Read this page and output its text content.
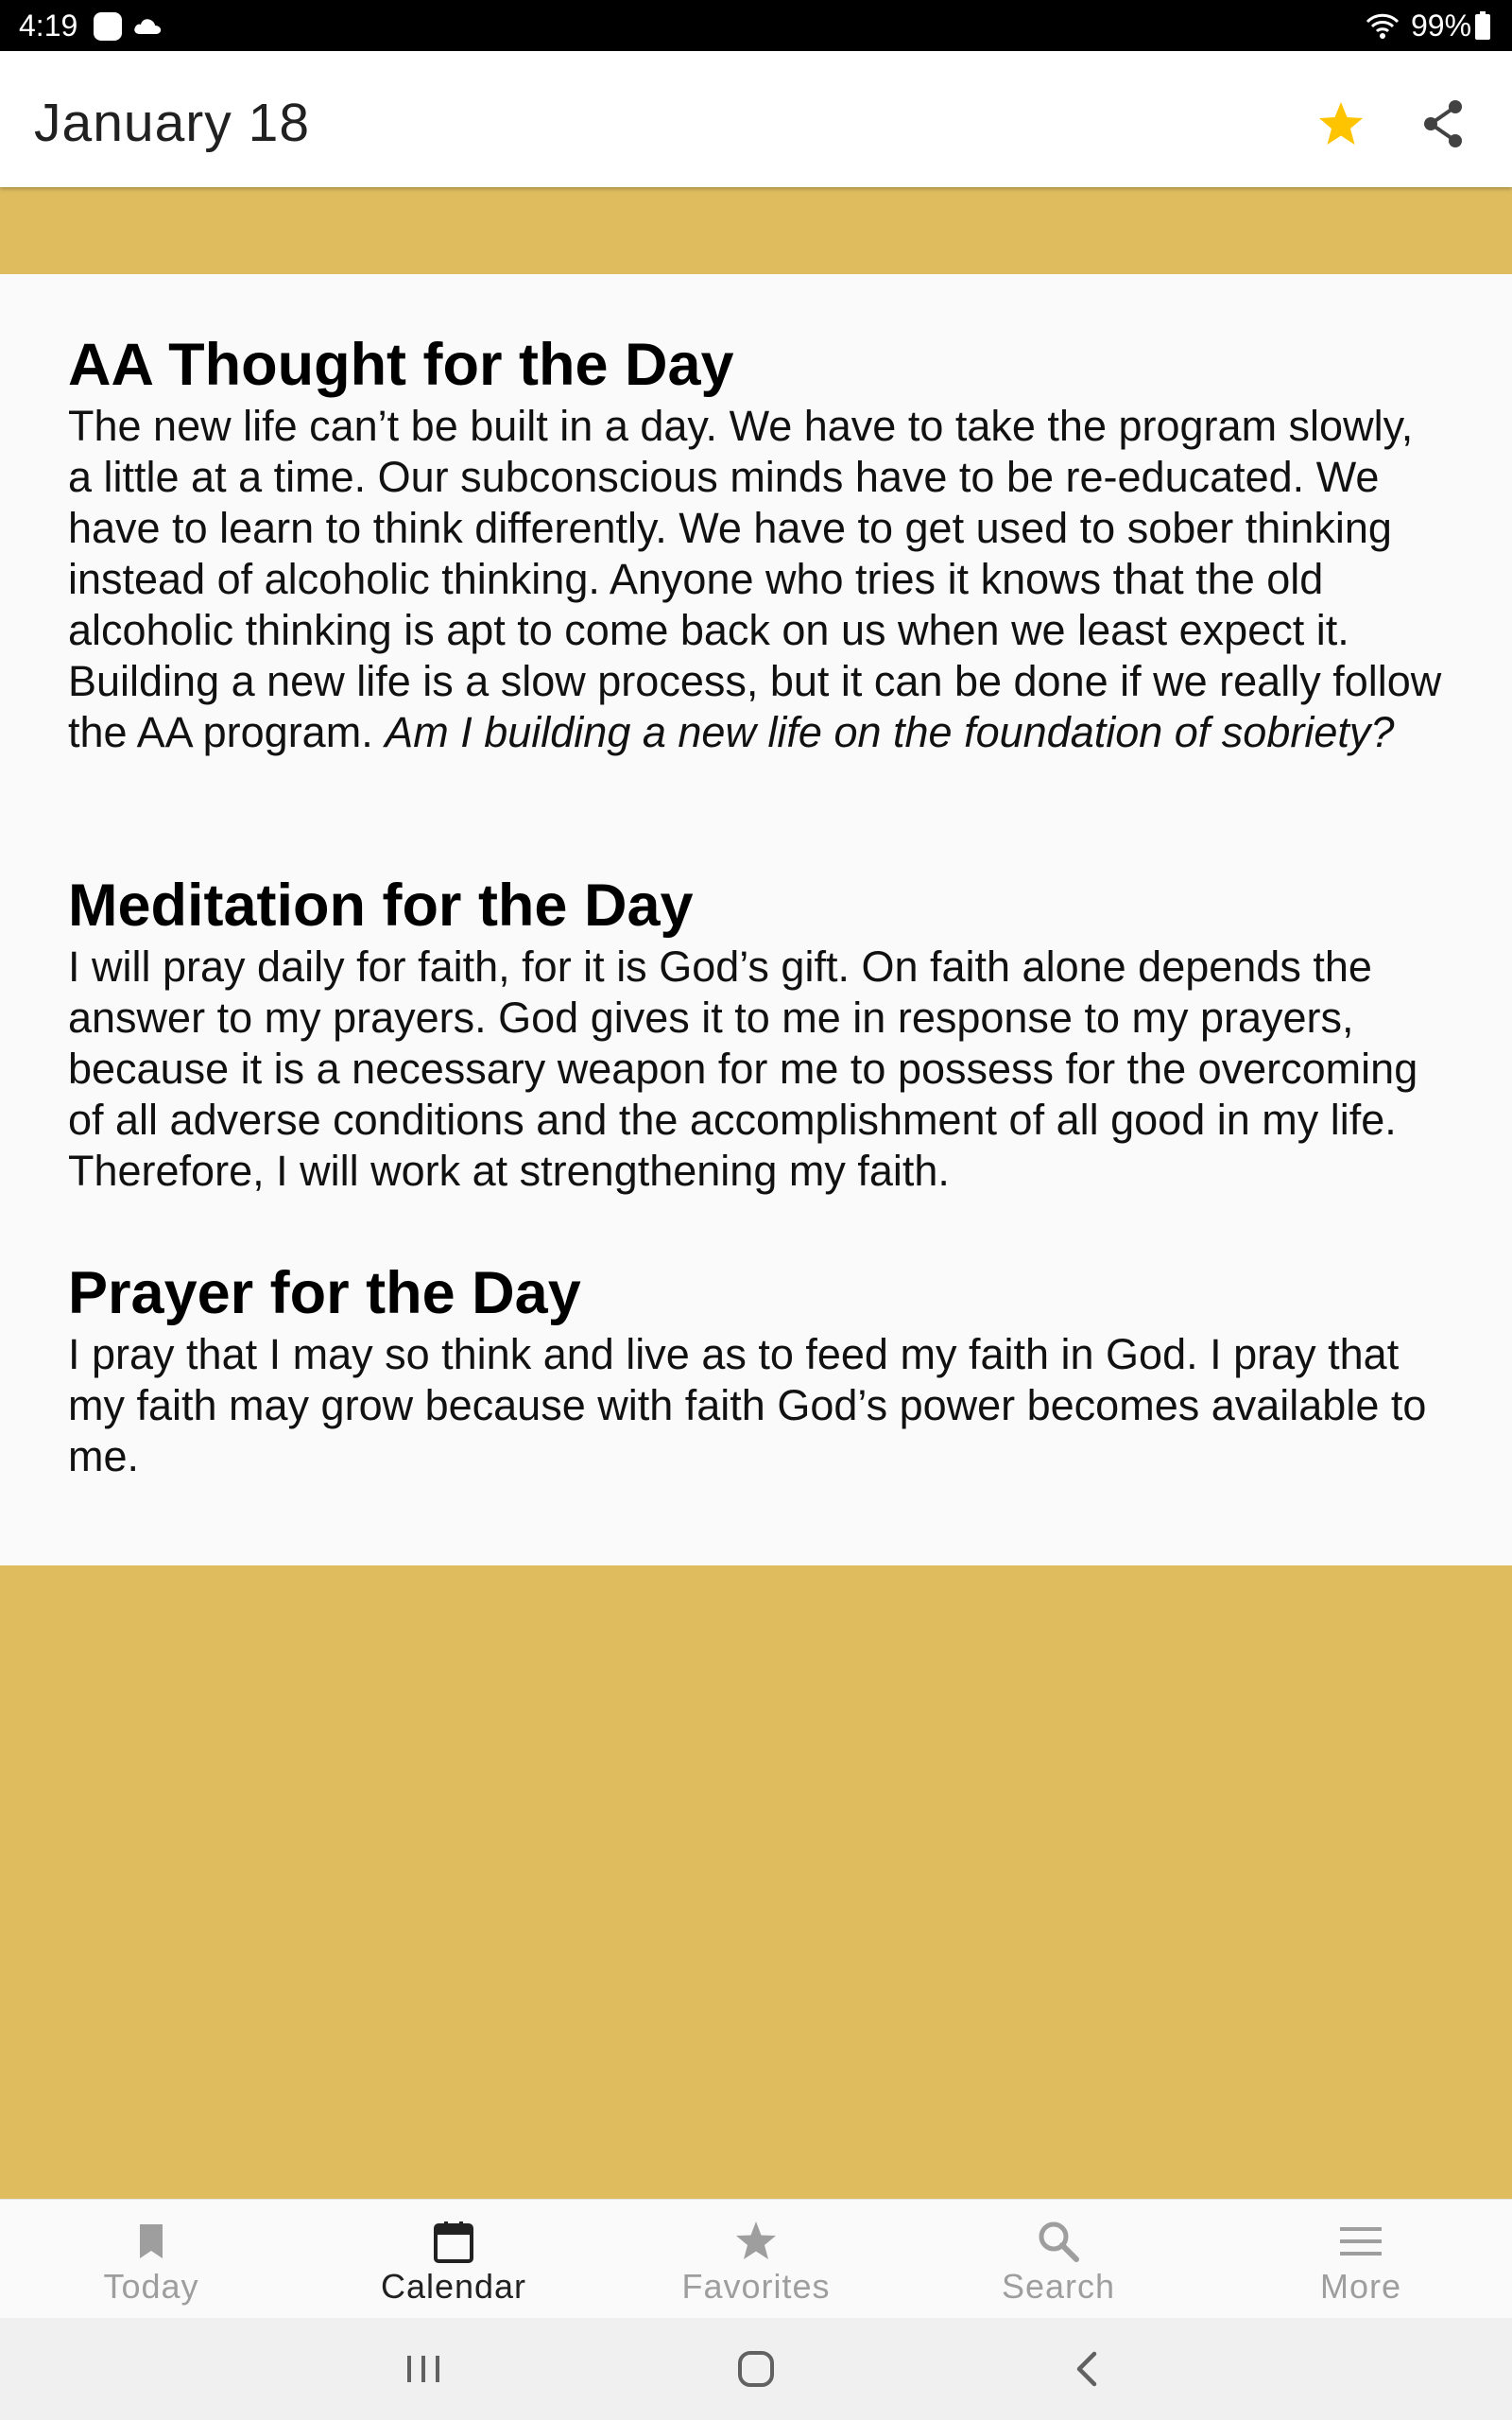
4:19	99%
January 18
AA Thought for the Day

The new life can’t be built in a day. We have to take the program slowly, a little at a time. Our subconscious minds have to be re-educated. We have to learn to think differently. We have to get used to sober thinking instead of alcoholic thinking. Anyone who tries it knows that the old alcoholic thinking is apt to come back on us when we least expect it. Building a new life is a slow process, but it can be done if we really follow the AA program. Am I building a new life on the foundation of sobriety?

Meditation for the Day

I will pray daily for faith, for it is God’s gift. On faith alone depends the answer to my prayers. God gives it to me in response to my prayers, because it is a necessary weapon for me to possess for the overcoming of all adverse conditions and the accomplishment of all good in my life. Therefore, I will work at strengthening my faith.

Prayer for the Day

I pray that I may so think and live as to feed my faith in God. I pray that my faith may grow because with faith God’s power becomes available to me.

Today	Calendar	Favorites	Search	More
